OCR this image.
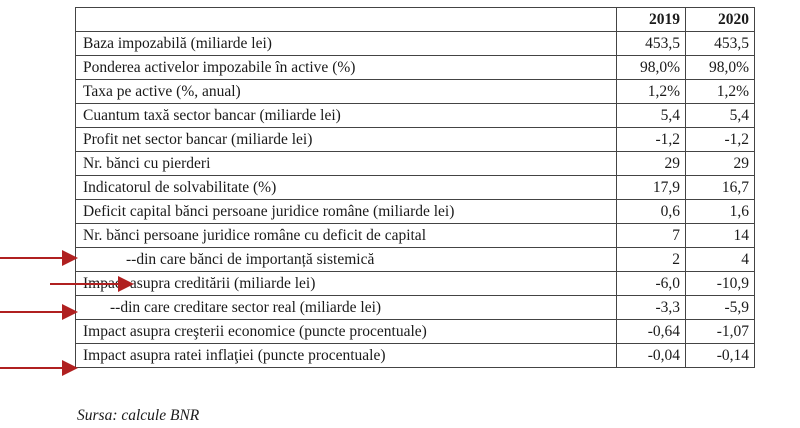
	2019	2020
Baza impozabilă (miliarde lei)	453,5	453,5
Ponderea activelor impozabile în active (%)	98,0%	98,0%
Taxa pe active (%, anual)	1,2%	1,2%
Cuantum taxă sector bancar (miliarde lei)	5,4	5,4
Profit net sector bancar (miliarde lei)	-1,2	-1,2
Nr. bănci cu pierderi	29	29
Indicatorul de solvabilitate (%)	17,9	16,7
Deficit capital bănci persoane juridice române (miliarde lei)	0,6	1,6
Nr. bănci persoane juridice române cu deficit de capital	7	14
--din care bănci de importanță sistemică	2	4
Impact asupra creditării (miliarde lei)	-6,0	-10,9
--din care creditare sector real (miliarde lei)	-3,3	-5,9
Impact asupra creşterii economice (puncte procentuale)	-0,64	-1,07
Impact asupra ratei inflaţiei (puncte procentuale)	-0,04	-0,14
Sursa: calcule BNR
